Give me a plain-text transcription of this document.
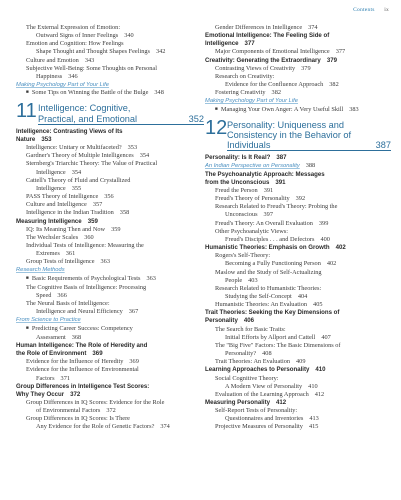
Contents ix
The External Expression of Emotion:
Outward Signs of Inner Feelings 340
Emotion and Cognition: How Feelings
Shape Thought and Thought Shapes Feelings 342
Culture and Emotion 343
Subjective Well-Being: Some Thoughts on Personal
Happiness 346
Making Psychology Part of Your Life
■ Some Tips on Winning the Battle of the Bulge 348
11 Intelligence: Cognitive,
Practical, and Emotional	352
Intelligence: Contrasting Views of Its
Nature 353
Intelligence: Unitary or Multifaceted? 353
Gardner's Theory of Multiple Intelligences 354
Sternberg's Triarchic Theory: The Value of Practical
Intelligence 354
Cattell's Theory of Fluid and Crystallized
Intelligence 355
PASS Theory of Intelligence 356
Culture and Intelligence 357
Intelligence in the Indian Tradition 358
Measuring Intelligence 359
IQ: Its Meaning Then and Now 359
The Wechsler Scales 360
Individual Tests of Intelligence: Measuring the
Extremes 361
Group Tests of Intelligence 363
Research Methods
■ Basic Requirements of Psychological Tests 363
The Cognitive Basis of Intelligence: Processing
Speed 366
The Neural Basis of Intelligence:
Intelligence and Neural Efficiency 367
From Science to Practice
■ Predicting Career Success: Competency
Assessment 368
Human Intelligence: The Role of Heredity and
the Role of Environment 369
Evidence for the Influence of Heredity 369
Evidence for the Influence of Environmental
Factors 371
Group Differences in Intelligence Test Scores:
Why They Occur 372
Group Differences in IQ Scores: Evidence for the Role
of Environmental Factors 372
Group Differences in IQ Scores: Is There
Any Evidence for the Role of Genetic Factors? 374
Gender Differences in Intelligence 374
Emotional Intelligence: The Feeling Side of
Intelligence 377
Major Components of Emotional Intelligence 377
Creativity: Generating the Extraordinary 379
Contrasting Views of Creativity 379
Research on Creativity:
Evidence for the Confluence Approach 382
Fostering Creativity 382
Making Psychology Part of Your Life
■ Managing Your Own Anger: A Very Useful Skill 383
12 Personality: Uniqueness and
Consistency in the Behavior of
Individuals	387
Personality: Is It Real? 387
An Indian Perspective on Personality 388
The Psychoanalytic Approach: Messages
from the Unconscious 391
Freud the Person 391
Freud's Theory of Personality 392
Research Related to Freud's Theory: Probing the
Unconscious 397
Freud's Theory: An Overall Evaluation 399
Other Psychoanalytic Views:
Freud's Disciples . . . and Defectors 400
Humanistic Theories: Emphasis on Growth 402
Rogers's Self-Theory:
Becoming a Fully Functioning Person 402
Maslow and the Study of Self-Actualizing
People 403
Research Related to Humanistic Theories:
Studying the Self-Concept 404
Humanistic Theories: An Evaluation 405
Trait Theories: Seeking the Key Dimensions of
Personality 406
The Search for Basic Traits:
Initial Efforts by Allport and Cattell 407
The "Big Five" Factors: The Basic Dimensions of
Personality? 408
Trait Theories: An Evaluation 409
Learning Approaches to Personality 410
Social Cognitive Theory:
A Modern View of Personality 410
Evaluation of the Learning Approach 412
Measuring Personality 412
Self-Report Tests of Personality:
Questionnaires and Inventories 413
Projective Measures of Personality 415
